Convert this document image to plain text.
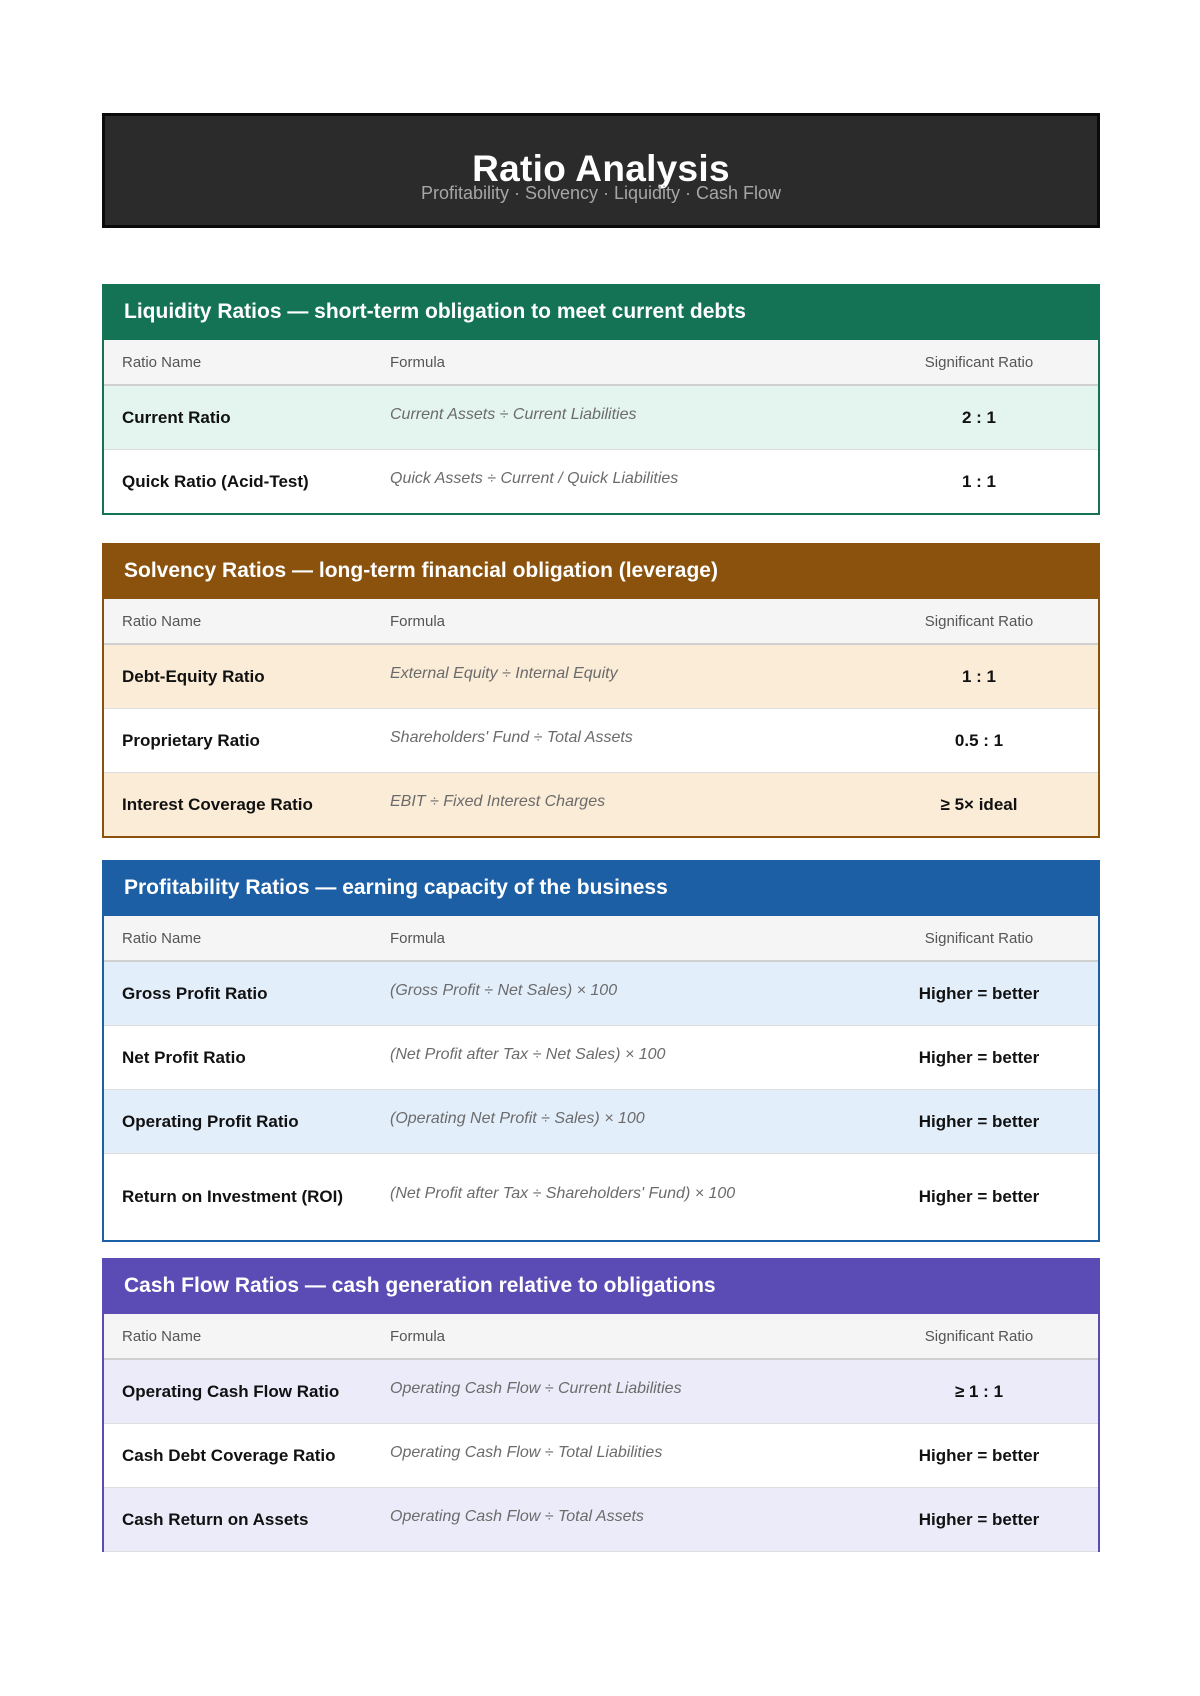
Ratio Analysis
Profitability · Solvency · Liquidity · Cash Flow
Liquidity Ratios — short-term obligation to meet current debts
Ratio Name	Formula	Significant Ratio
Current Ratio	Current Assets ÷ Current Liabilities	2 : 1
Quick Ratio (Acid-Test)	Quick Assets ÷ Current / Quick Liabilities	1 : 1
Solvency Ratios — long-term financial obligation (leverage)
Ratio Name	Formula	Significant Ratio
Debt-Equity Ratio	External Equity ÷ Internal Equity	1 : 1
Proprietary Ratio	Shareholders' Fund ÷ Total Assets	0.5 : 1
Interest Coverage Ratio	EBIT ÷ Fixed Interest Charges	≥ 5× ideal
Profitability Ratios — earning capacity of the business
Ratio Name	Formula	Significant Ratio
Gross Profit Ratio	(Gross Profit ÷ Net Sales) × 100	Higher = better
Net Profit Ratio	(Net Profit after Tax ÷ Net Sales) × 100	Higher = better
Operating Profit Ratio	(Operating Net Profit ÷ Sales) × 100	Higher = better
Return on Investment (ROI)	(Net Profit after Tax ÷ Shareholders' Fund) × 100	Higher = better
Cash Flow Ratios — cash generation relative to obligations
Ratio Name	Formula	Significant Ratio
Operating Cash Flow Ratio	Operating Cash Flow ÷ Current Liabilities	≥ 1 : 1
Cash Debt Coverage Ratio	Operating Cash Flow ÷ Total Liabilities	Higher = better
Cash Return on Assets	Operating Cash Flow ÷ Total Assets	Higher = better
